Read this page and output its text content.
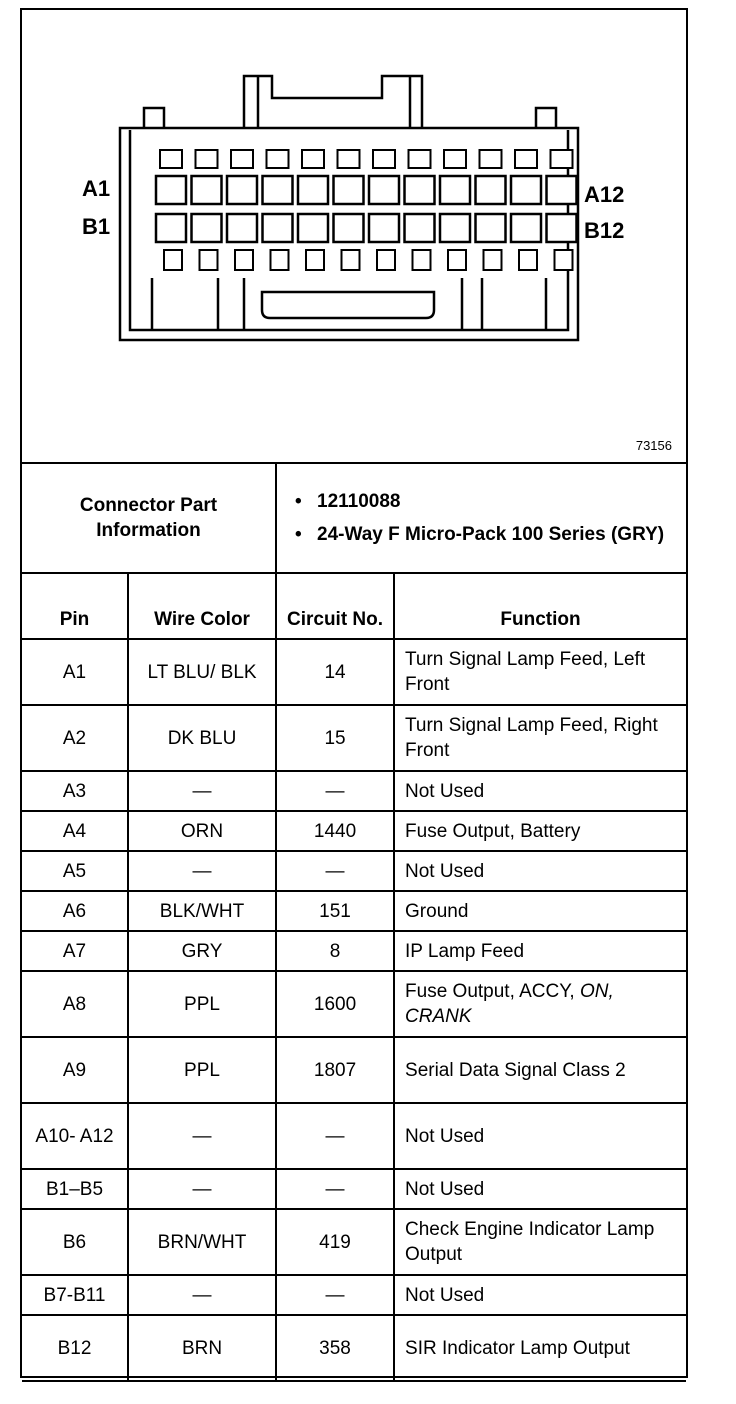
A1
B1
A12
B12
73156
Connector Part Information		• 12110088
• 24-Way F Micro-Pack 100 Series (GRY)

Pin	Wire Color	Circuit No.	Function
A1	LT BLU/ BLK	14	Turn Signal Lamp Feed, Left Front
A2	DK BLU	15	Turn Signal Lamp Feed, Right Front
A3	—	—	Not Used
A4	ORN	1440	Fuse Output, Battery
A5	—	—	Not Used
A6	BLK/WHT	151	Ground
A7	GRY	8	IP Lamp Feed
A8	PPL	1600	Fuse Output, ACCY, ON, CRANK
A9	PPL	1807	Serial Data Signal Class 2
A10- A12	—	—	Not Used
B1–B5	—	—	Not Used
B6	BRN/WHT	419	Check Engine Indicator Lamp Output
B7-B11	—	—	Not Used
B12	BRN	358	SIR Indicator Lamp Output
